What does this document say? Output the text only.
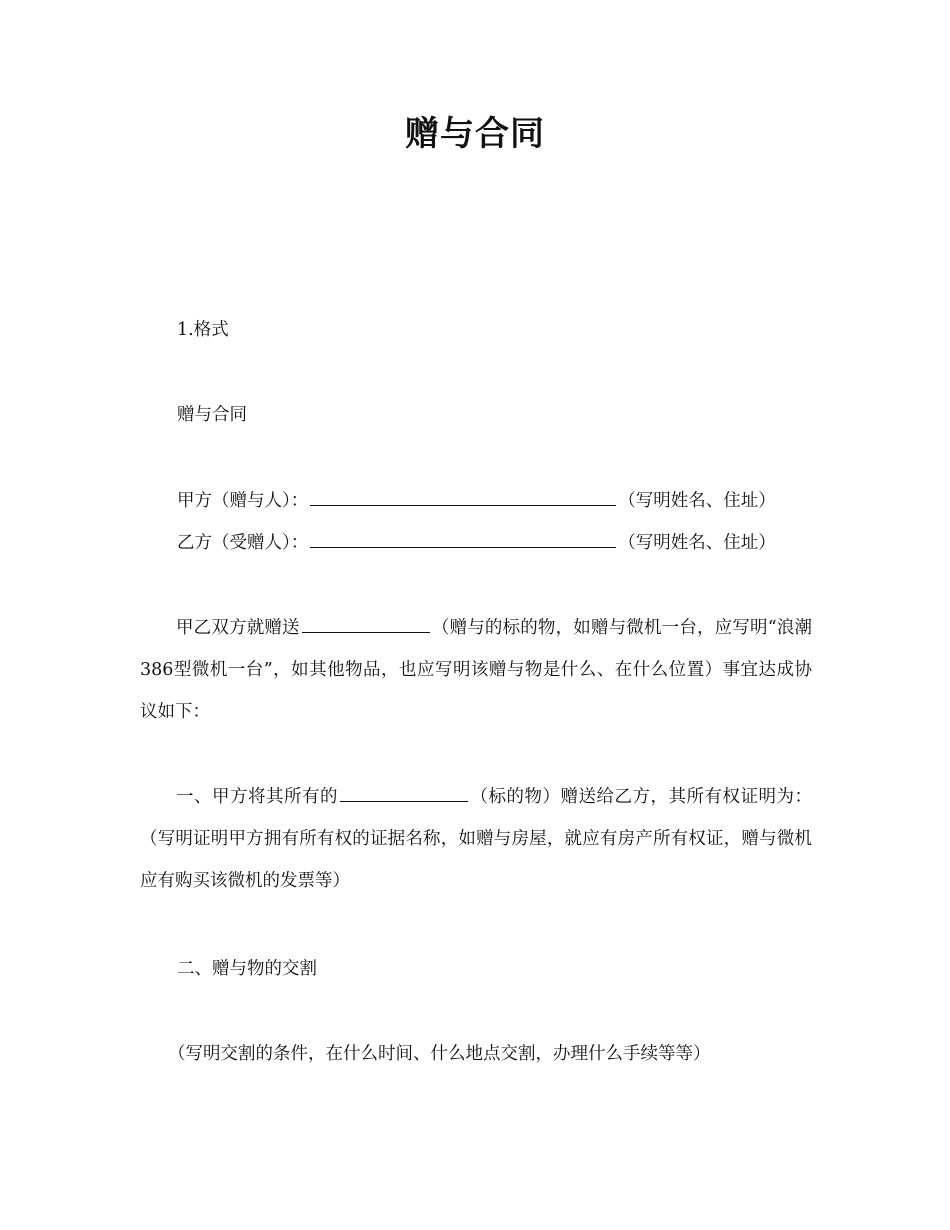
赠与合同
1.格式
赠与合同
甲方（赠与人）：	（写明姓名、住址）
乙方（受赠人）：	（写明姓名、住址）
甲乙双方就赠送	（赠与的标的物，如赠与微机一台，应写明“浪潮386型微机一台”，如其他物品，也应写明该赠与物是什么、在什么位置）事宜达成协议如下：
一、甲方将其所有的	（标的物）赠送给乙方，其所有权证明为：（写明证明甲方拥有所有权的证据名称，如赠与房屋，就应有房产所有权证，赠与微机应有购买该微机的发票等）
二、赠与物的交割
（写明交割的条件，在什么时间、什么地点交割，办理什么手续等等）
